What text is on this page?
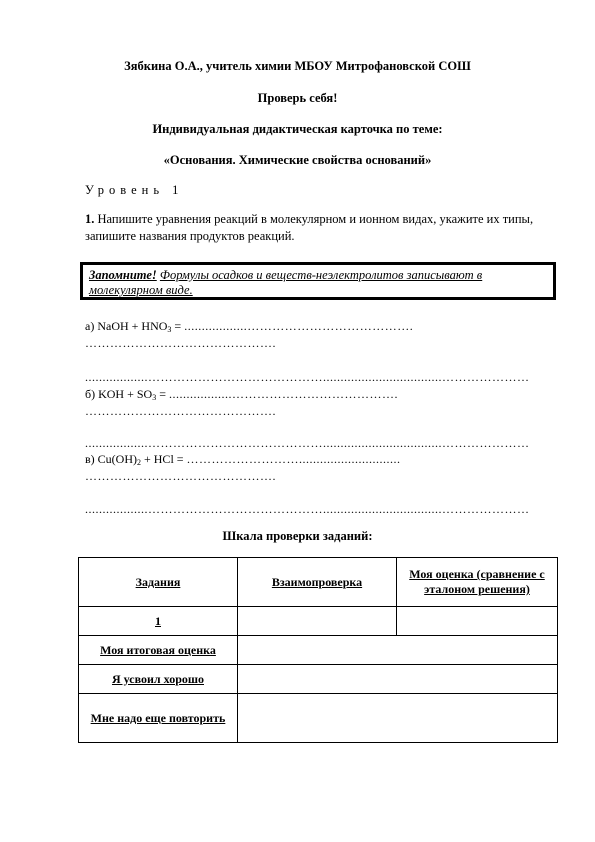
Зябкина О.А., учитель химии МБОУ Митрофановской СОШ
Проверь себя!
Индивидуальная дидактическая карточка по теме:
«Основания. Химические свойства оснований»
Уровень 1
1. Напишите уравнения реакций в молекулярном и ионном видах, укажите их типы, запишите названия продуктов реакций.
Запомните! Формулы осадков и веществ-неэлектролитов записывают в молекулярном виде.
а) NaOH + $HNO_3$ = ..................………………………………….
……………………………………….
..................……………………………………..................................…………………
б) KOH + $SO_3$ = ..................………………………………….
……………………………………….
..................……………………………………..................................…………………
в) $Cu(OH)_2$ + HCl = ……………………….............................
……………………………………….
..................……………………………………..................................…………………
Шкала проверки заданий:
Задания	Взаимопроверка	Моя оценка (сравнение с эталоном решения)
1		
Моя итоговая оценка		
Я усвоил хорошо		
Мне надо еще повторить		
